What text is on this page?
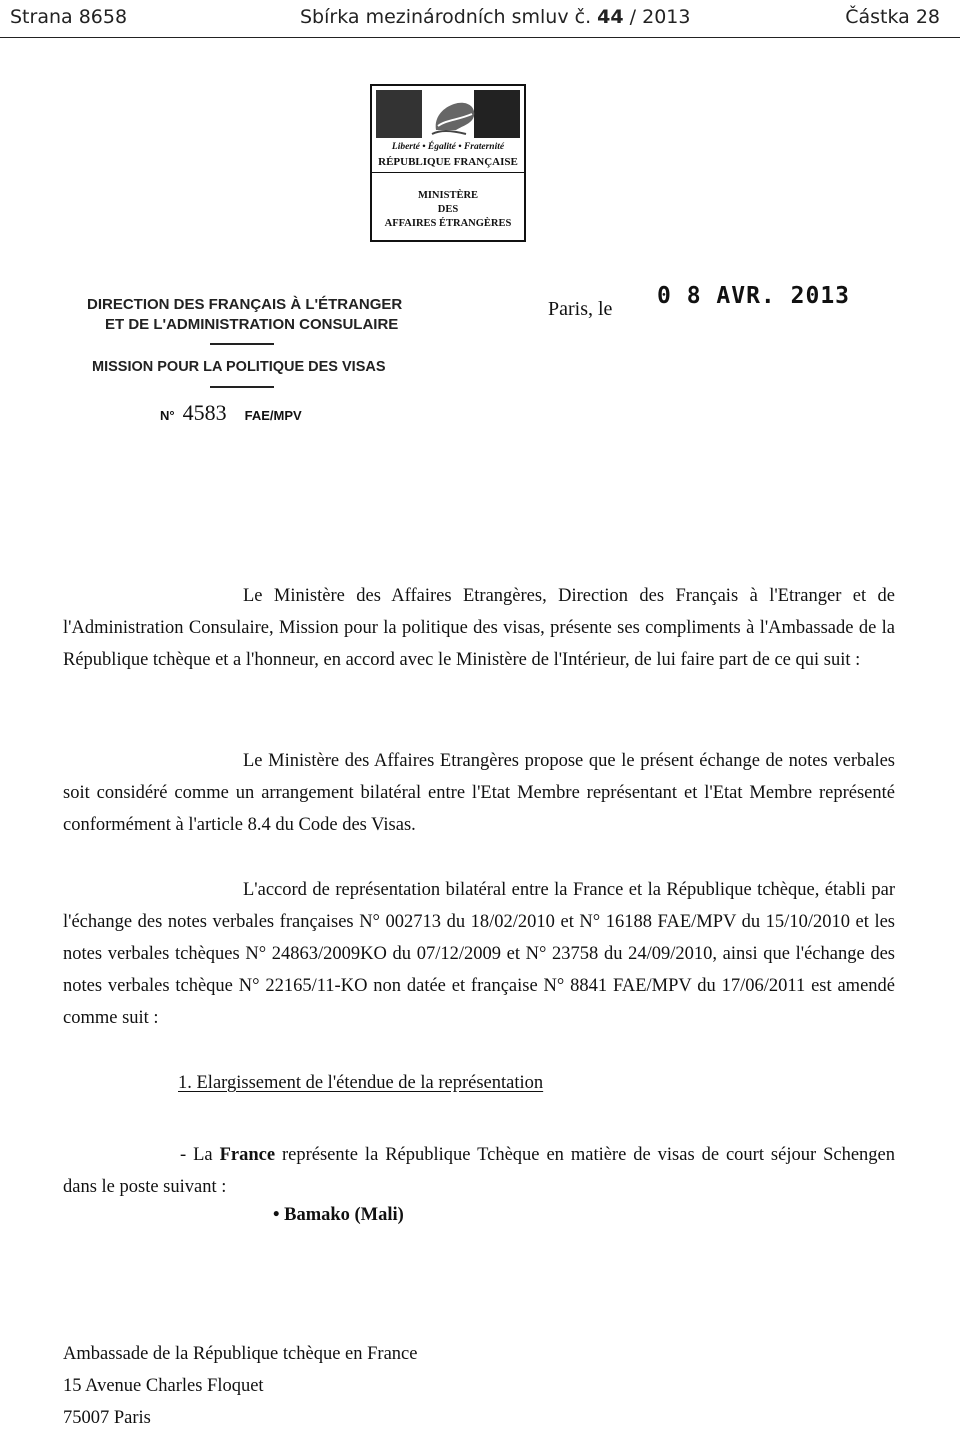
Strana 8658	Sbírka mezinárodních smluv č. 44 / 2013	Částka 28
Liberté • Égalité • Fraternité
RÉPUBLIQUE FRANÇAISE
MINISTÈRE
DES
AFFAIRES ÉTRANGÈRES
DIRECTION DES FRANÇAIS À L'ÉTRANGER
ET DE L'ADMINISTRATION CONSULAIRE
MISSION POUR LA POLITIQUE DES VISAS
N° 4583 FAE/MPV
Paris, le 0 8 AVR. 2013

Le Ministère des Affaires Etrangères, Direction des Français à l'Etranger et de l'Administration Consulaire, Mission pour la politique des visas, présente ses compliments à l'Ambassade de la République tchèque et a l'honneur, en accord avec le Ministère de l'Intérieur, de lui faire part de ce qui suit :

Le Ministère des Affaires Etrangères propose que le présent échange de notes verbales soit considéré comme un arrangement bilatéral entre l'Etat Membre représentant et l'Etat Membre représenté conformément à l'article 8.4 du Code des Visas.

L'accord de représentation bilatéral entre la France et la République tchèque, établi par l'échange des notes verbales françaises N° 002713 du 18/02/2010 et N° 16188 FAE/MPV du 15/10/2010 et les notes verbales tchèques N° 24863/2009KO du 07/12/2009 et N° 23758 du 24/09/2010, ainsi que l'échange des notes verbales tchèque N° 22165/11-KO non datée et française N° 8841 FAE/MPV du 17/06/2011 est amendé comme suit :

1. Elargissement de l'étendue de la représentation

- La France représente la République Tchèque en matière de visas de court séjour Schengen dans le poste suivant :

• Bamako (Mali)
Ambassade de la République tchèque en France
15 Avenue Charles Floquet
75007 Paris
